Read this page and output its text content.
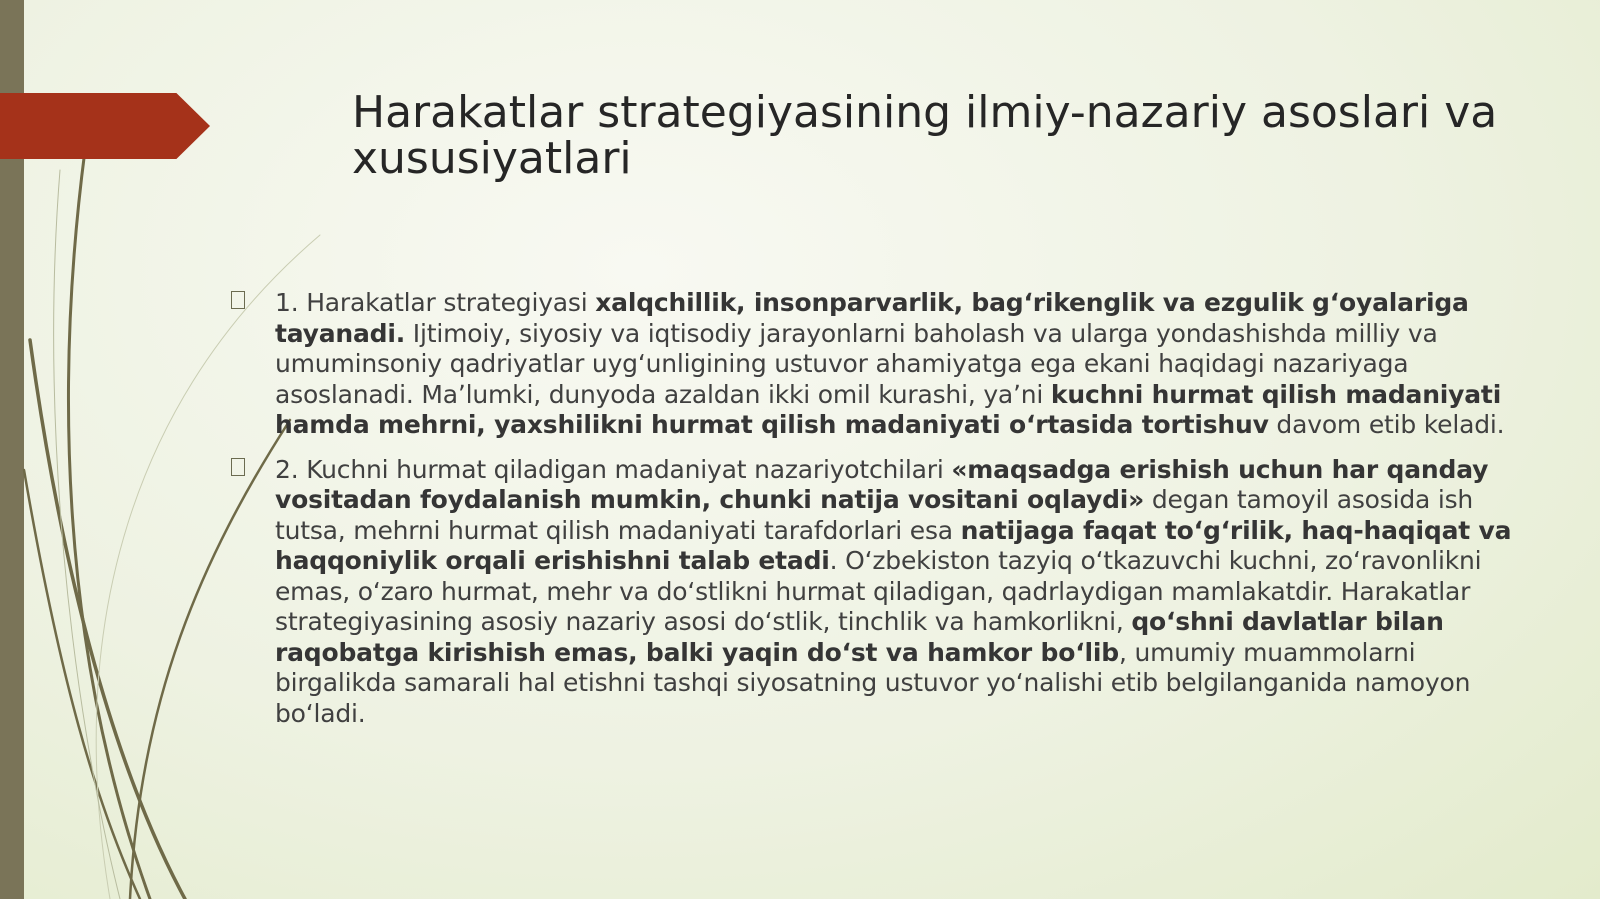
Harakatlar strategiyasining ilmiy-nazariy asoslari va xususiyatlari
1. Harakatlar strategiyasi xalqchillik, insonparvarlik, bagʻrikenglik va ezgulik gʻoyalariga tayanadi. Ijtimoiy, siyosiy va iqtisodiy jarayonlarni baholash va ularga yondashishda milliy va umuminsoniy qadriyatlar uygʻunligining ustuvor ahamiyatga ega ekani haqidagi nazariyaga asoslanadi. Maʼlumki, dunyoda azaldan ikki omil kurashi, yaʼni kuchni hurmat qilish madaniyati hamda mehrni, yaxshilikni hurmat qilish madaniyati oʻrtasida tortishuv davom etib keladi.
2. Kuchni hurmat qiladigan madaniyat nazariyotchilari «maqsadga erishish uchun har qanday vositadan foydalanish mumkin, chunki natija vositani oqlaydi» degan tamoyil asosida ish tutsa, mehrni hurmat qilish madaniyati tarafdorlari esa natijaga faqat toʻgʻrilik, haq-haqiqat va haqqoniylik orqali erishishni talab etadi. Oʻzbekiston tazyiq oʻtkazuvchi kuchni, zoʻravonlikni emas, oʻzaro hurmat, mehr va doʻstlikni hurmat qiladigan, qadrlaydigan mamlakatdir. Harakatlar strategiyasining asosiy nazariy asosi doʻstlik, tinchlik va hamkorlikni, qoʻshni davlatlar bilan raqobatga kirishish emas, balki yaqin doʻst va hamkor boʻlib, umumiy muammolarni birgalikda samarali hal etishni tashqi siyosatning ustuvor yoʻnalishi etib belgilanganida namoyon boʻladi.
